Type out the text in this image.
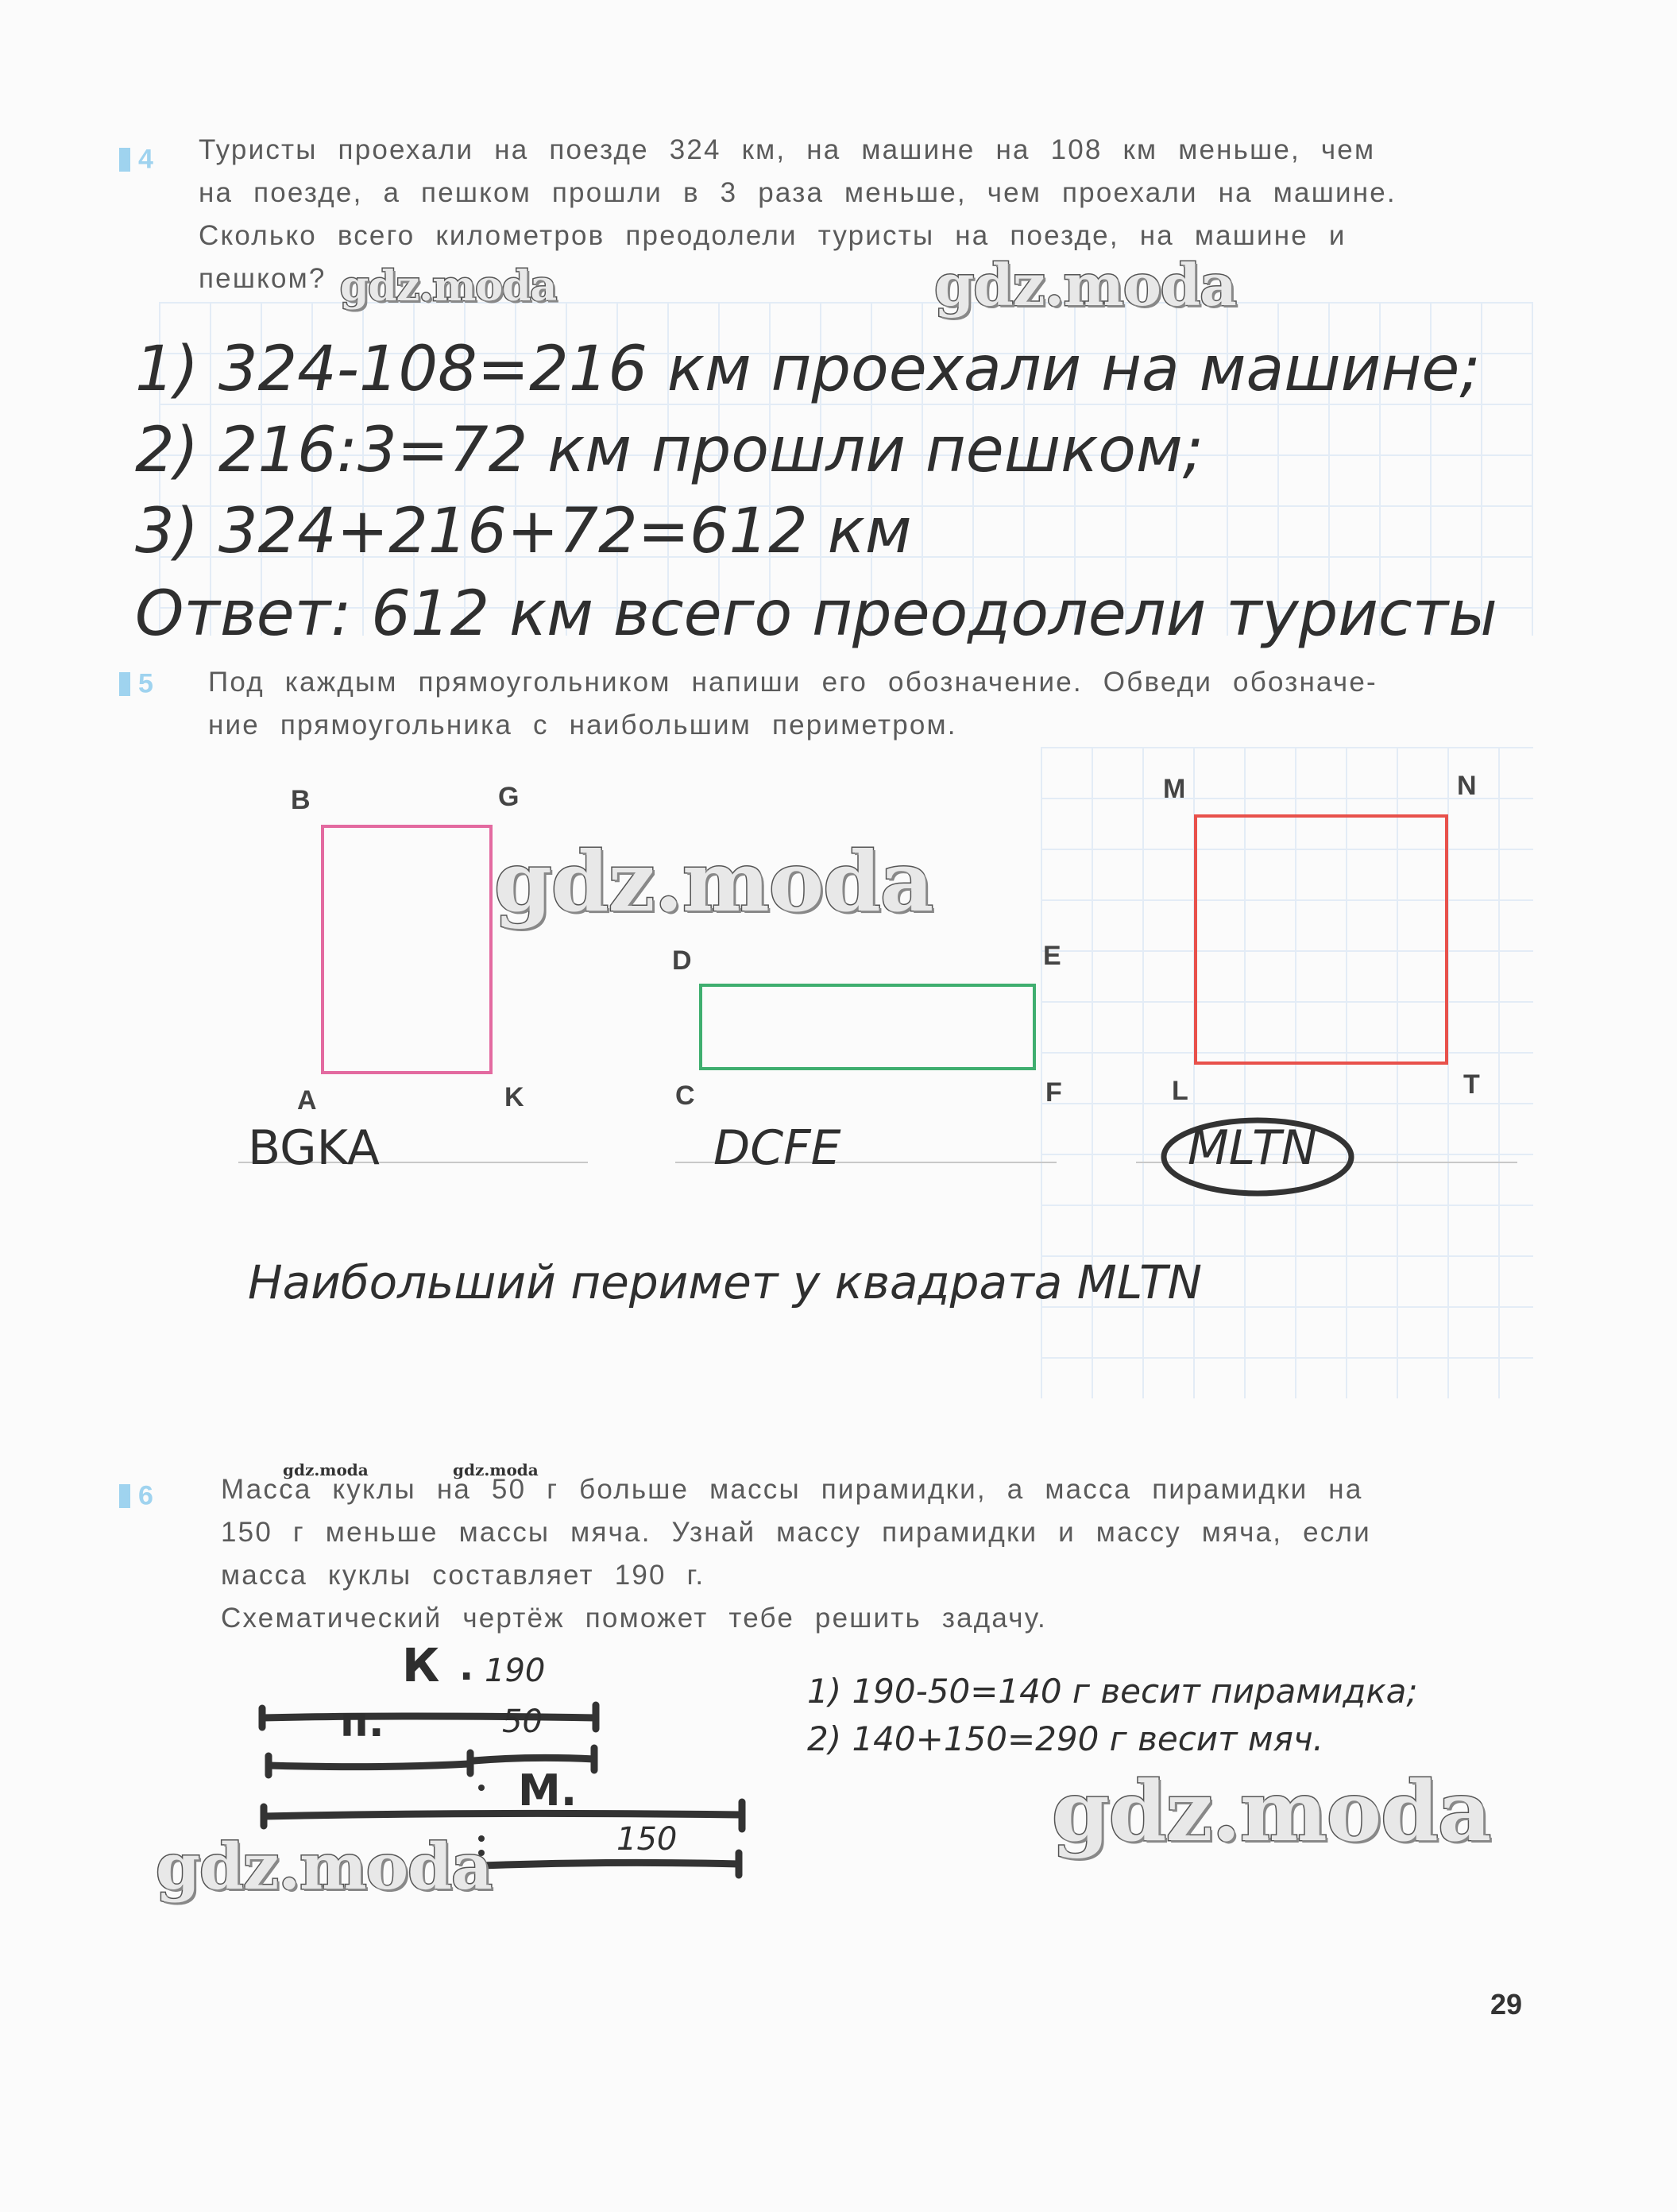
4 Туристы проехали на поезде 324 км, на машине на 108 км меньше, чем
на поезде, а пешком прошли в 3 раза меньше, чем проехали на машине.
Сколько всего километров преодолели туристы на поезде, на машине и
пешком?
1) 324-108=216 км проехали на машине;
2) 216:3=72 км прошли пешком;
3) 324+216+72=612 км
Ответ: 612 км всего преодолели туристы
5 Под каждым прямоугольником напиши его обозначение. Обведи обозначе-
ние прямоугольника с наибольшим периметром.
B	G
A	K
D	E
C	F
M	N
L	T
BGKA	DCFE	MLTN
Наибольший перимет у квадрата MLTN
6 Масса куклы на 50 г больше массы пирамидки, а масса пирамидки на
150 г меньше массы мяча. Узнай массу пирамидки и массу мяча, если
масса куклы составляет 190 г.
Схематический чертёж поможет тебе решить задачу.
К . 190
п.	50
М.
150
1) 190-50=140 г весит пирамидка;
2) 140+150=290 г весит мяч.
gdz.moda	gdz.moda
gdz.moda
gdz.moda	gdz.moda
gdz.moda
gdz.moda
29
